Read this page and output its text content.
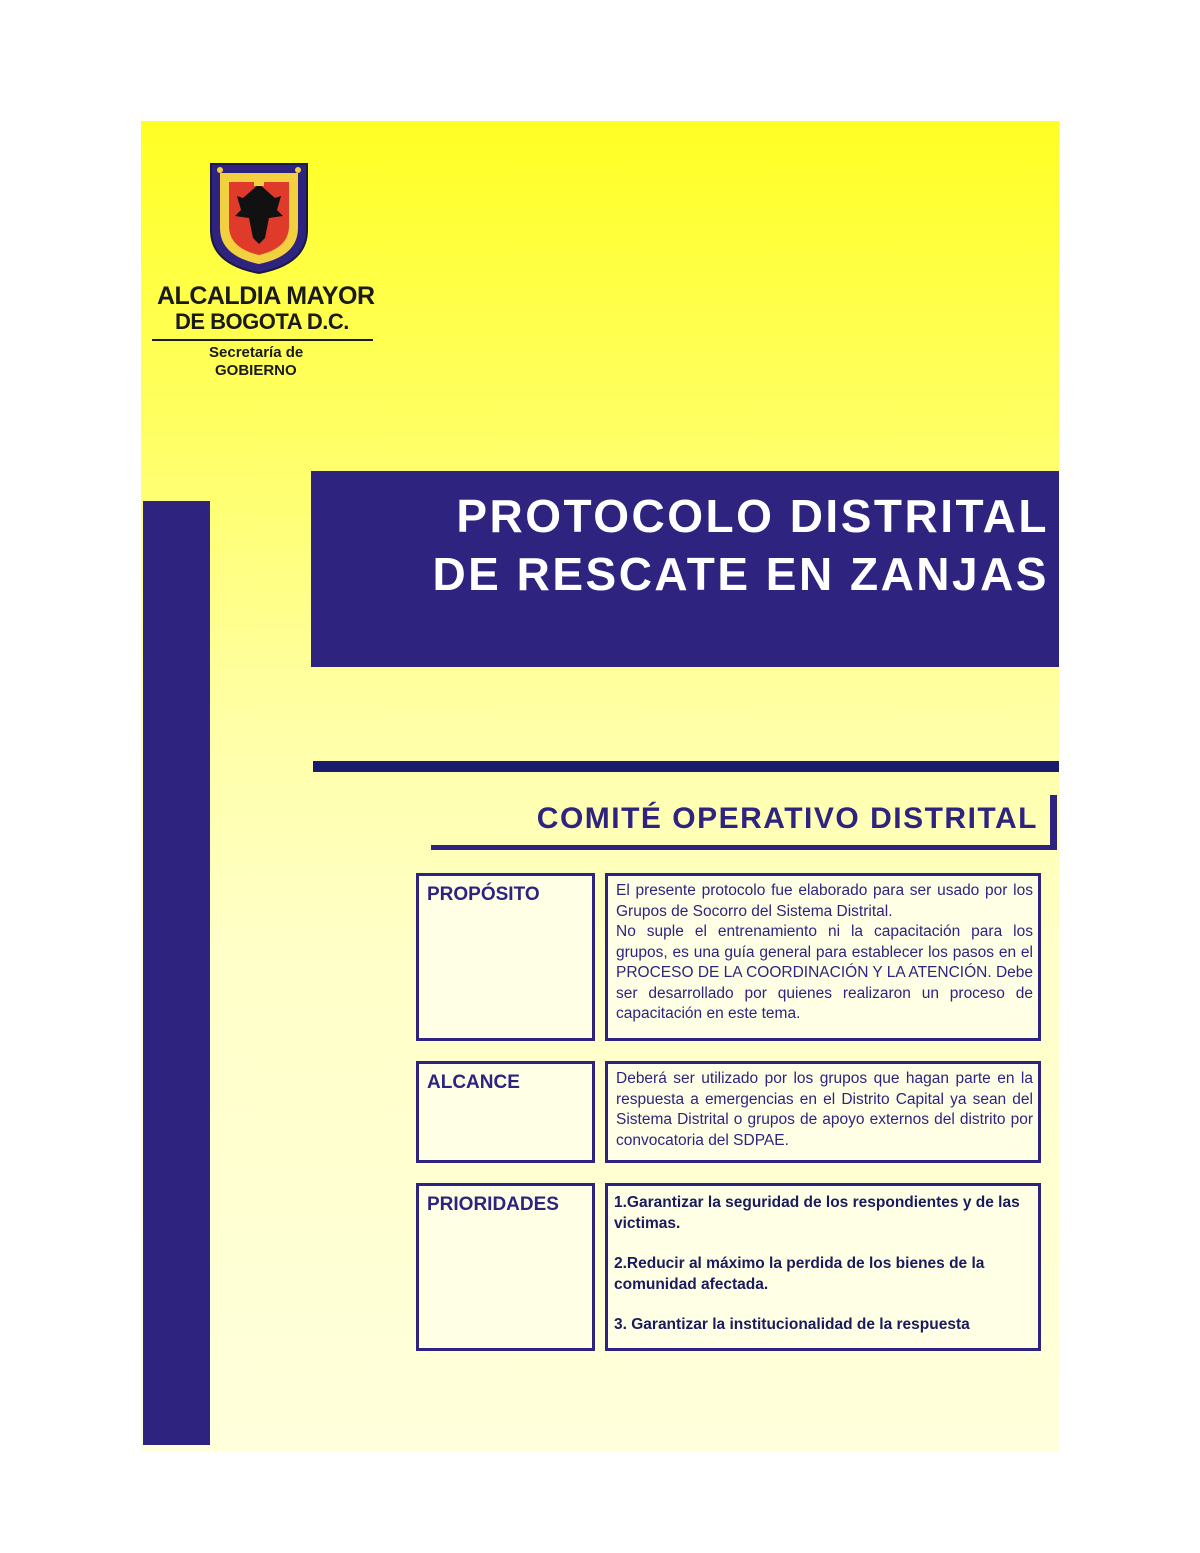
ALCALDIA MAYOR
DE BOGOTA D.C.
Secretaría de
GOBIERNO
PROTOCOLO DISTRITAL
DE RESCATE EN ZANJAS
COMITÉ OPERATIVO DISTRITAL
PROPÓSITO	El presente protocolo fue elaborado para ser usado por los Grupos de Socorro del Sistema Distrital.

No suple el entrenamiento ni la capacitación para los grupos, es una guía general para establecer los pasos en el PROCESO DE LA COORDINACIÓN Y LA ATENCIÓN. Debe ser desarrollado por quienes realizaron un proceso de capacitación en este tema.

ALCANCE	Deberá ser utilizado por los grupos que hagan parte en la respuesta a emergencias en el Distrito Capital ya sean del Sistema Distrital o grupos de apoyo externos del distrito por convocatoria del SDPAE.

PRIORIDADES	1.Garantizar la seguridad de los respondientes y de las victimas.

2.Reducir al máximo la perdida de los bienes de la comunidad afectada.

3. Garantizar la institucionalidad de la respuesta
